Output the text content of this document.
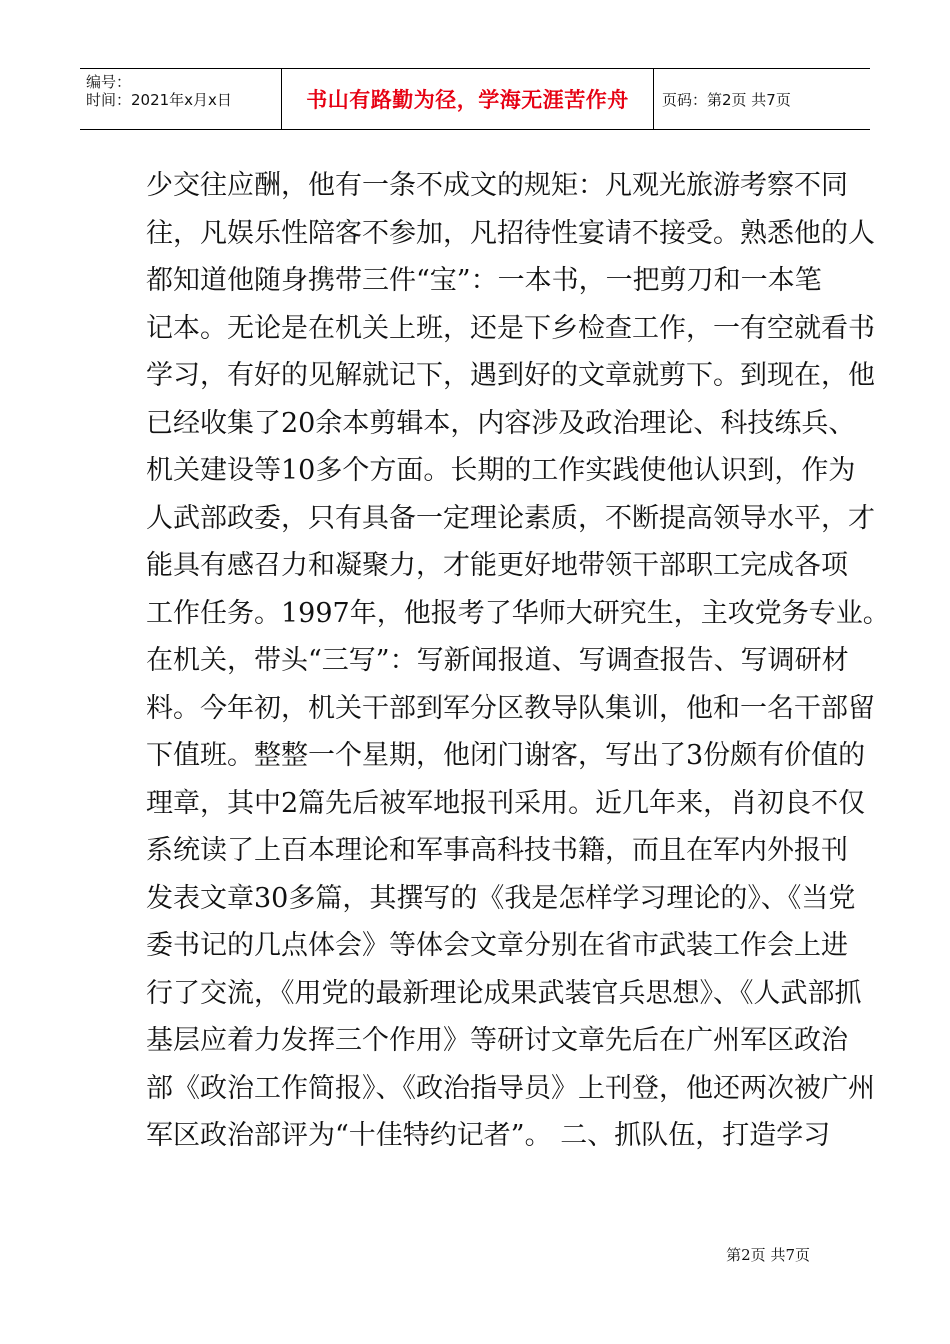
编号：
时间：2021年x月x日	书山有路勤为径，学海无涯苦作舟	页码：第2页 共7页
少交往应酬，他有一条不成文的规矩：凡观光旅游考察不同
往，凡娱乐性陪客不参加，凡招待性宴请不接受。熟悉他的人
都知道他随身携带三件“宝”：一本书，一把剪刀和一本笔
记本。无论是在机关上班，还是下乡检查工作，一有空就看书
学习，有好的见解就记下，遇到好的文章就剪下。到现在，他
已经收集了20余本剪辑本，内容涉及政治理论、科技练兵、
机关建设等10多个方面。长期的工作实践使他认识到，作为
人武部政委，只有具备一定理论素质，不断提高领导水平，才
能具有感召力和凝聚力，才能更好地带领干部职工完成各项
工作任务。1997年，他报考了华师大研究生，主攻党务专业。
在机关，带头“三写”：写新闻报道、写调查报告、写调研材
料。今年初，机关干部到军分区教导队集训，他和一名干部留
下值班。整整一个星期，他闭门谢客，写出了3份颇有价值的
理章，其中2篇先后被军地报刊采用。近几年来，肖初良不仅
系统读了上百本理论和军事高科技书籍，而且在军内外报刊
发表文章30多篇，其撰写的《我是怎样学习理论的》、《当党
委书记的几点体会》等体会文章分别在省市武装工作会上进
行了交流，《用党的最新理论成果武装官兵思想》、《人武部抓
基层应着力发挥三个作用》等研讨文章先后在广州军区政治
部《政治工作简报》、《政治指导员》上刊登，他还两次被广州
军区政治部评为“十佳特约记者”。 二、抓队伍，打造学习
第2页 共7页
